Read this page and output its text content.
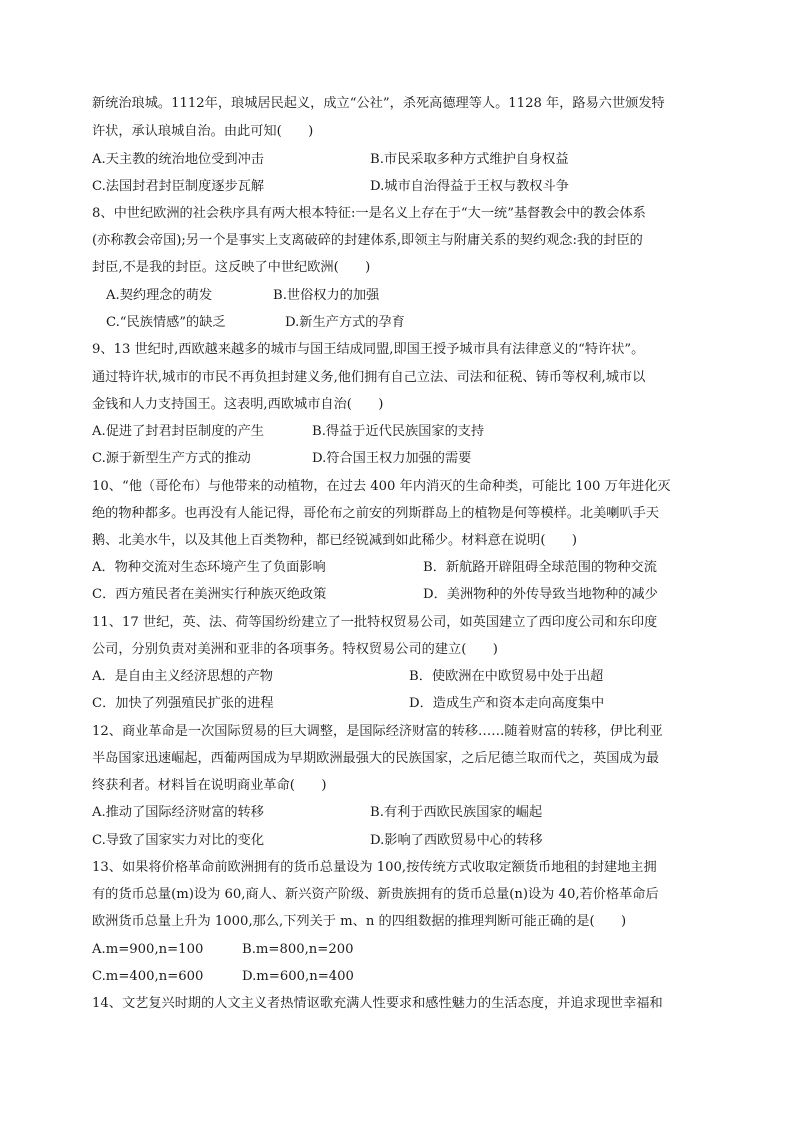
新统治琅城。1112年，琅城居民起义，成立“公社”，杀死高德理等人。1128 年，路易六世颁发特
许状，承认琅城自治。由此可知(　　)
A.天主教的统治地位受到冲击	B.市民采取多种方式维护自身权益
C.法国封君封臣制度逐步瓦解	D.城市自治得益于王权与教权斗争
8、中世纪欧洲的社会秩序具有两大根本特征:一是名义上存在于“大一统”基督教会中的教会体系
(亦称教会帝国);另一个是事实上支离破碎的封建体系,即领主与附庸关系的契约观念:我的封臣的
封臣,不是我的封臣。这反映了中世纪欧洲(　　)
A.契约理念的萌发	B.世俗权力的加强
C.“民族情感”的缺乏	D.新生产方式的孕育
9、13 世纪时,西欧越来越多的城市与国王结成同盟,即国王授予城市具有法律意义的“特许状”。
通过特许状,城市的市民不再负担封建义务,他们拥有自己立法、司法和征税、铸币等权利,城市以
金钱和人力支持国王。这表明,西欧城市自治(　　)
A.促进了封君封臣制度的产生	B.得益于近代民族国家的支持
C.源于新型生产方式的推动	D.符合国王权力加强的需要
10、“他（哥伦布）与他带来的动植物，在过去 400 年内消灭的生命种类，可能比 100 万年进化灭
绝的物种都多。也再没有人能记得，哥伦布之前安的列斯群岛上的植物是何等模样。北美喇叭手天
鹅、北美水牛，以及其他上百类物种，都已经锐减到如此稀少。材料意在说明(　　)
A．物种交流对生态环境产生了负面影响	B．新航路开辟阻碍全球范围的物种交流
C．西方殖民者在美洲实行种族灭绝政策	D．美洲物种的外传导致当地物种的减少
11、17 世纪，英、法、荷等国纷纷建立了一批特权贸易公司，如英国建立了西印度公司和东印度
公司，分别负责对美洲和亚非的各项事务。特权贸易公司的建立(　　)
A．是自由主义经济思想的产物	B．使欧洲在中欧贸易中处于出超
C．加快了列强殖民扩张的进程	D．造成生产和资本走向高度集中
12、商业革命是一次国际贸易的巨大调整，是国际经济财富的转移……随着财富的转移，伊比利亚
半岛国家迅速崛起，西葡两国成为早期欧洲最强大的民族国家，之后尼德兰取而代之，英国成为最
终获利者。材料旨在说明商业革命(　　)
A.推动了国际经济财富的转移	B.有利于西欧民族国家的崛起
C.导致了国家实力对比的变化	D.影响了西欧贸易中心的转移
13、如果将价格革命前欧洲拥有的货币总量设为 100,按传统方式收取定额货币地租的封建地主拥
有的货币总量(m)设为 60,商人、新兴资产阶级、新贵族拥有的货币总量(n)设为 40,若价格革命后
欧洲货币总量上升为 1000,那么,下列关于 m、n 的四组数据的推理判断可能正确的是(　　)
A.m=900,n=100	B.m=800,n=200
C.m=400,n=600	D.m=600,n=400
14、文艺复兴时期的人文主义者热情讴歌充满人性要求和感性魅力的生活态度，并追求现世幸福和
